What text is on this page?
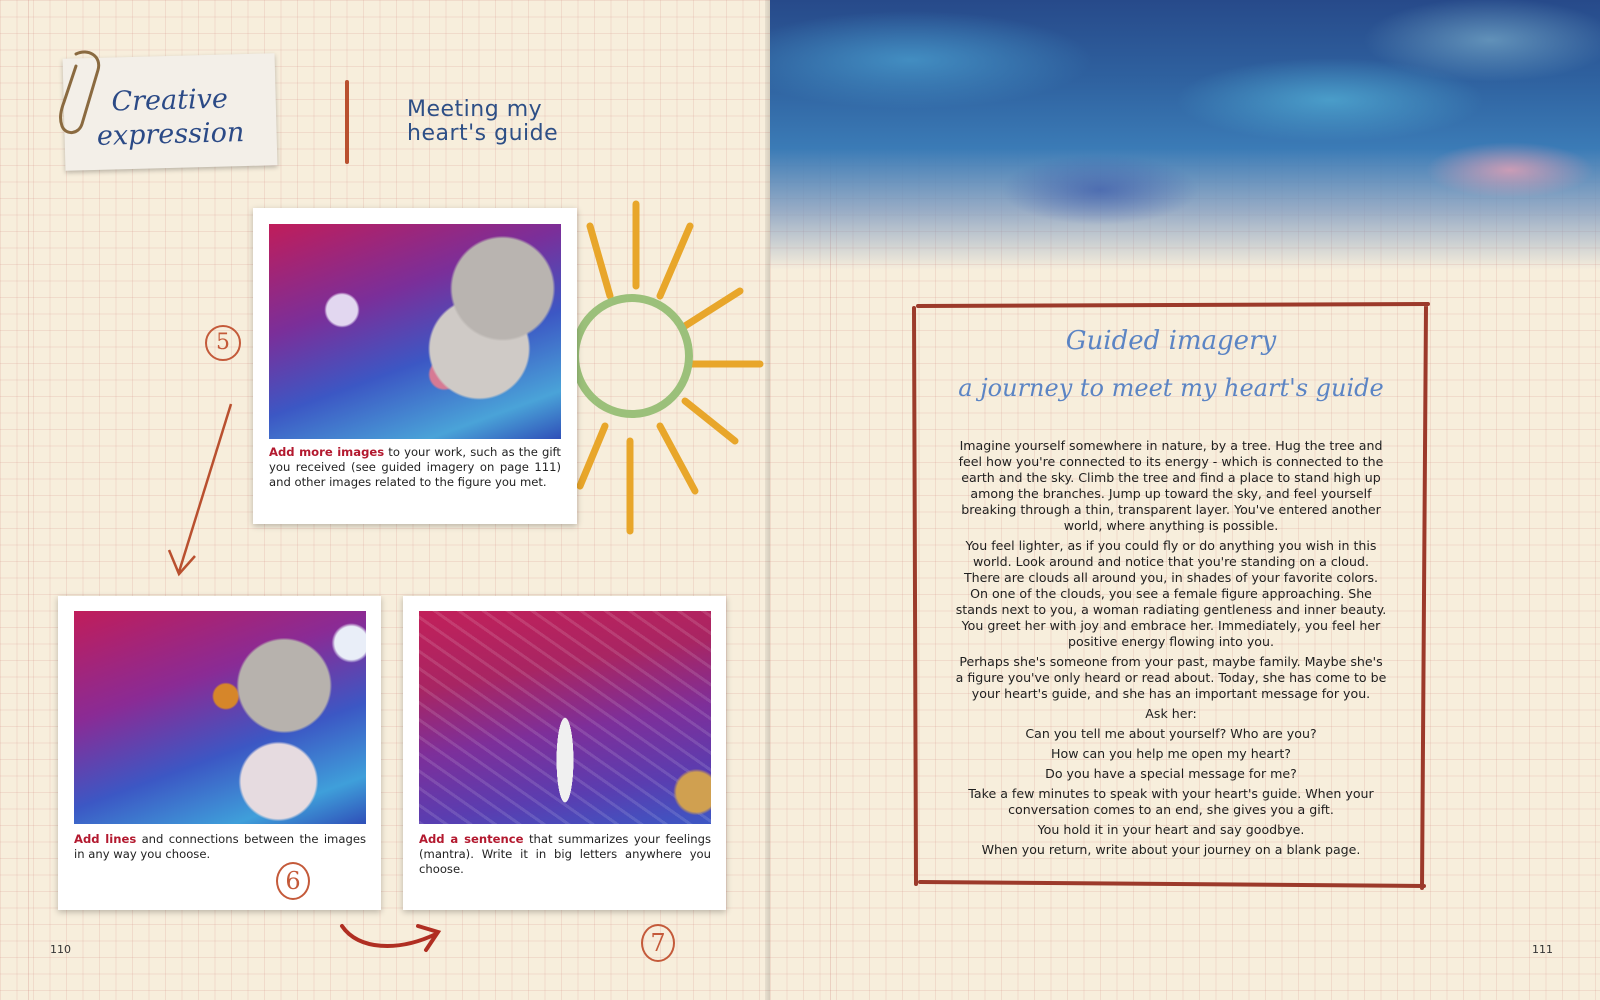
Creative
expression
Meeting my
heart's guide
5
Add more images to your work, such as the gift you received (see guided imagery on page 111) and other images related to the figure you met.
Add lines and connections between the images in any way you choose.
6
Add a sentence that summarizes your feelings (mantra). Write it in big letters anywhere you choose.
7
110
Guided imagery
a journey to meet my heart's guide

Imagine yourself somewhere in nature, by a tree. Hug the tree and feel how you're connected to its energy - which is connected to the earth and the sky. Climb the tree and find a place to stand high up among the branches. Jump up toward the sky, and feel yourself breaking through a thin, transparent layer. You've entered another world, where anything is possible.

You feel lighter, as if you could fly or do anything you wish in this world. Look around and notice that you're standing on a cloud. There are clouds all around you, in shades of your favorite colors. On one of the clouds, you see a female figure approaching. She stands next to you, a woman radiating gentleness and inner beauty. You greet her with joy and embrace her. Immediately, you feel her positive energy flowing into you.

Perhaps she's someone from your past, maybe family. Maybe she's a figure you've only heard or read about. Today, she has come to be your heart's guide, and she has an important message for you.

Ask her:

Can you tell me about yourself? Who are you?

How can you help me open my heart?

Do you have a special message for me?

Take a few minutes to speak with your heart's guide. When your conversation comes to an end, she gives you a gift.

You hold it in your heart and say goodbye.

When you return, write about your journey on a blank page.

111
